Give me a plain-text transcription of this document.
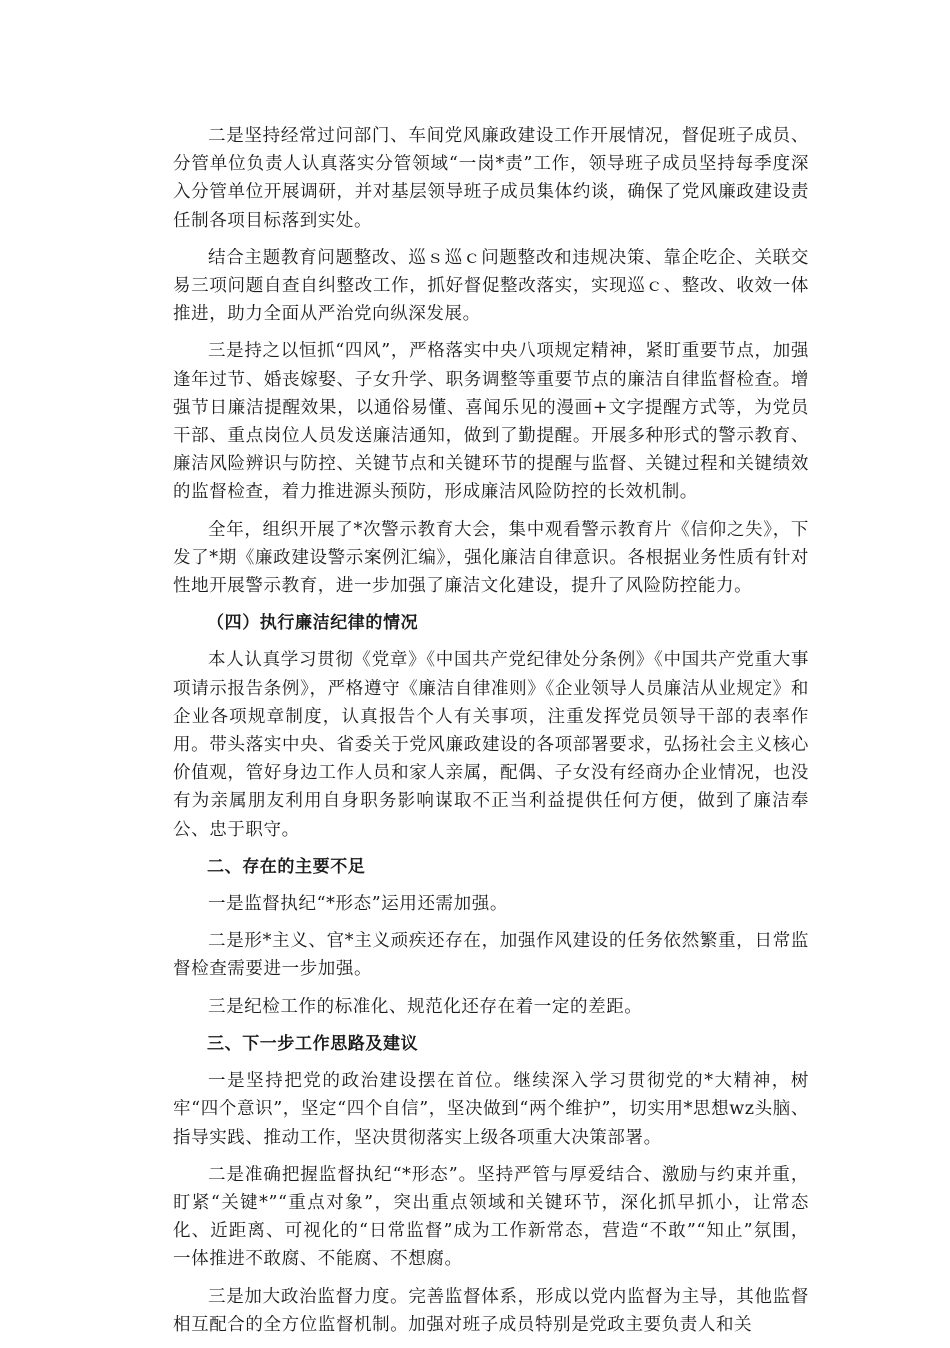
二是坚持经常过问部门、车间党风廉政建设工作开展情况，督促班子成员、分管单位负责人认真落实分管领域“一岗*责”工作，领导班子成员坚持每季度深入分管单位开展调研，并对基层领导班子成员集体约谈，确保了党风廉政建设责任制各项目标落到实处。

结合主题教育问题整改、巡ｓ巡ｃ问题整改和违规决策、靠企吃企、关联交易三项问题自查自纠整改工作，抓好督促整改落实，实现巡ｃ、整改、收效一体推进，助力全面从严治党向纵深发展。

三是持之以恒抓“四风”，严格落实中央八项规定精神，紧盯重要节点，加强逢年过节、婚丧嫁娶、子女升学、职务调整等重要节点的廉洁自律监督检查。增强节日廉洁提醒效果，以通俗易懂、喜闻乐见的漫画+文字提醒方式等，为党员干部、重点岗位人员发送廉洁通知，做到了勤提醒。开展多种形式的警示教育、廉洁风险辨识与防控、关键节点和关键环节的提醒与监督、关键过程和关键绩效的监督检查，着力推进源头预防，形成廉洁风险防控的长效机制。

全年，组织开展了*次警示教育大会，集中观看警示教育片《信仰之失》，下发了*期《廉政建设警示案例汇编》，强化廉洁自律意识。各根据业务性质有针对性地开展警示教育，进一步加强了廉洁文化建设，提升了风险防控能力。

（四）执行廉洁纪律的情况

本人认真学习贯彻《党章》《中国共产党纪律处分条例》《中国共产党重大事项请示报告条例》，严格遵守《廉洁自律准则》《企业领导人员廉洁从业规定》和企业各项规章制度，认真报告个人有关事项，注重发挥党员领导干部的表率作用。带头落实中央、省委关于党风廉政建设的各项部署要求，弘扬社会主义核心价值观，管好身边工作人员和家人亲属，配偶、子女没有经商办企业情况，也没有为亲属朋友利用自身职务影响谋取不正当利益提供任何方便，做到了廉洁奉公、忠于职守。

二、存在的主要不足

一是监督执纪“*形态”运用还需加强。

二是形*主义、官*主义顽疾还存在，加强作风建设的任务依然繁重，日常监督检查需要进一步加强。

三是纪检工作的标准化、规范化还存在着一定的差距。

三、下一步工作思路及建议

一是坚持把党的政治建设摆在首位。继续深入学习贯彻党的*大精神，树牢“四个意识”，坚定“四个自信”，坚决做到“两个维护”，切实用*思想wz头脑、指导实践、推动工作，坚决贯彻落实上级各项重大决策部署。

二是准确把握监督执纪“*形态”。坚持严管与厚爱结合、激励与约束并重，盯紧“关键*”“重点对象”，突出重点领域和关键环节，深化抓早抓小，让常态化、近距离、可视化的“日常监督”成为工作新常态，营造“不敢”“知止”氛围，一体推进不敢腐、不能腐、不想腐。

三是加大政治监督力度。完善监督体系，形成以党内监督为主导，其他监督相互配合的全方位监督机制。加强对班子成员特别是党政主要负责人和关
